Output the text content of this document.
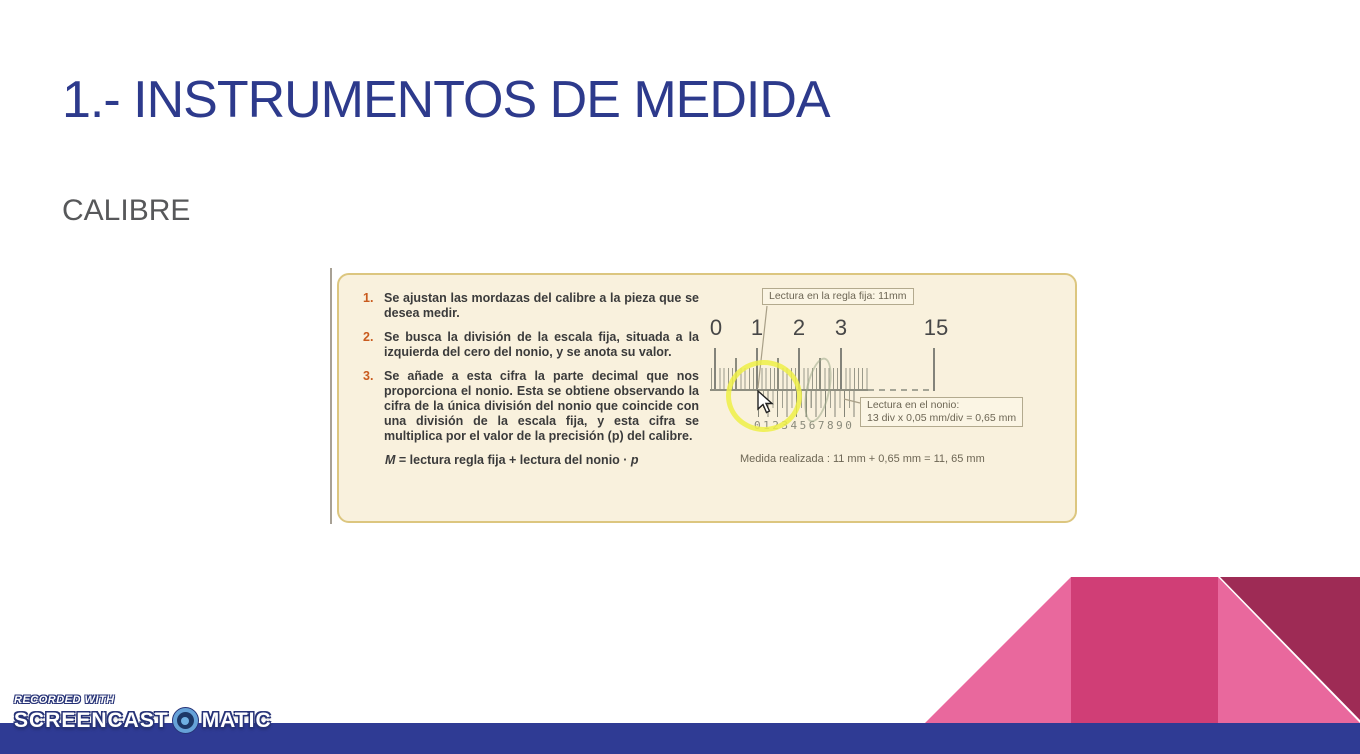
1.- INSTRUMENTOS DE MEDIDA
CALIBRE
1. Se ajustan las mordazas del calibre a la pieza que se desea medir.
2. Se busca la división de la escala fija, situada a la izquierda del cero del nonio, y se anota su valor.
3. Se añade a esta cifra la parte decimal que nos proporciona el nonio. Esta se obtiene observando la cifra de la única división del nonio que coincide con una división de la escala fija, y esta cifra se multiplica por el valor de la precisión (p) del calibre.
M = lectura regla fija + lectura del nonio · p
0	1	2	3	15
01234567890
Lectura en la regla fija: 11mm
Lectura en el nonio:
13 div x 0,05 mm/div = 0,65 mm
Medida realizada : 11 mm + 0,65 mm = 11, 65 mm
RECORDED WITH
SCREENCAST MATIC
